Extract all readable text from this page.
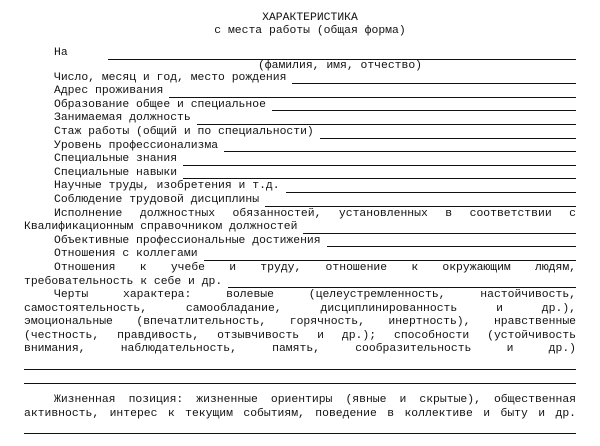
ХАРАКТЕРИСТИКА
с места работы (общая форма)
На
(фамилия, имя, отчество)
Число, месяц и год, место рождения
Адрес проживания
Образование общее и специальное
Занимаемая должность
Стаж работы (общий и по специальности)
Уровень профессионализма
Специальные знания
Специальные навыки
Научные труды, изобретения и т.д.
Соблюдение трудовой дисциплины
Исполнение должностных обязанностей, установленных в соответствии с
Квалификационным справочником должностей
Объективные профессиональные достижения
Отношения с коллегами
Отношения к учебе и труду, отношение к окружающим людям,
требовательность к себе и др.
Черты характера: волевые (целеустремленность, настойчивость,
самостоятельность, самообладание, дисциплинированность и др.),
эмоциональные (впечатлительность, горячность, инертность), нравственные
(честность, правдивость, отзывчивость и др.); способности (устойчивость
внимания, наблюдательность, память, сообразительность и др.)
Жизненная позиция: жизненные ориентиры (явные и скрытые), общественная
активность, интерес к текущим событиям, поведение в коллективе и быту и др.
